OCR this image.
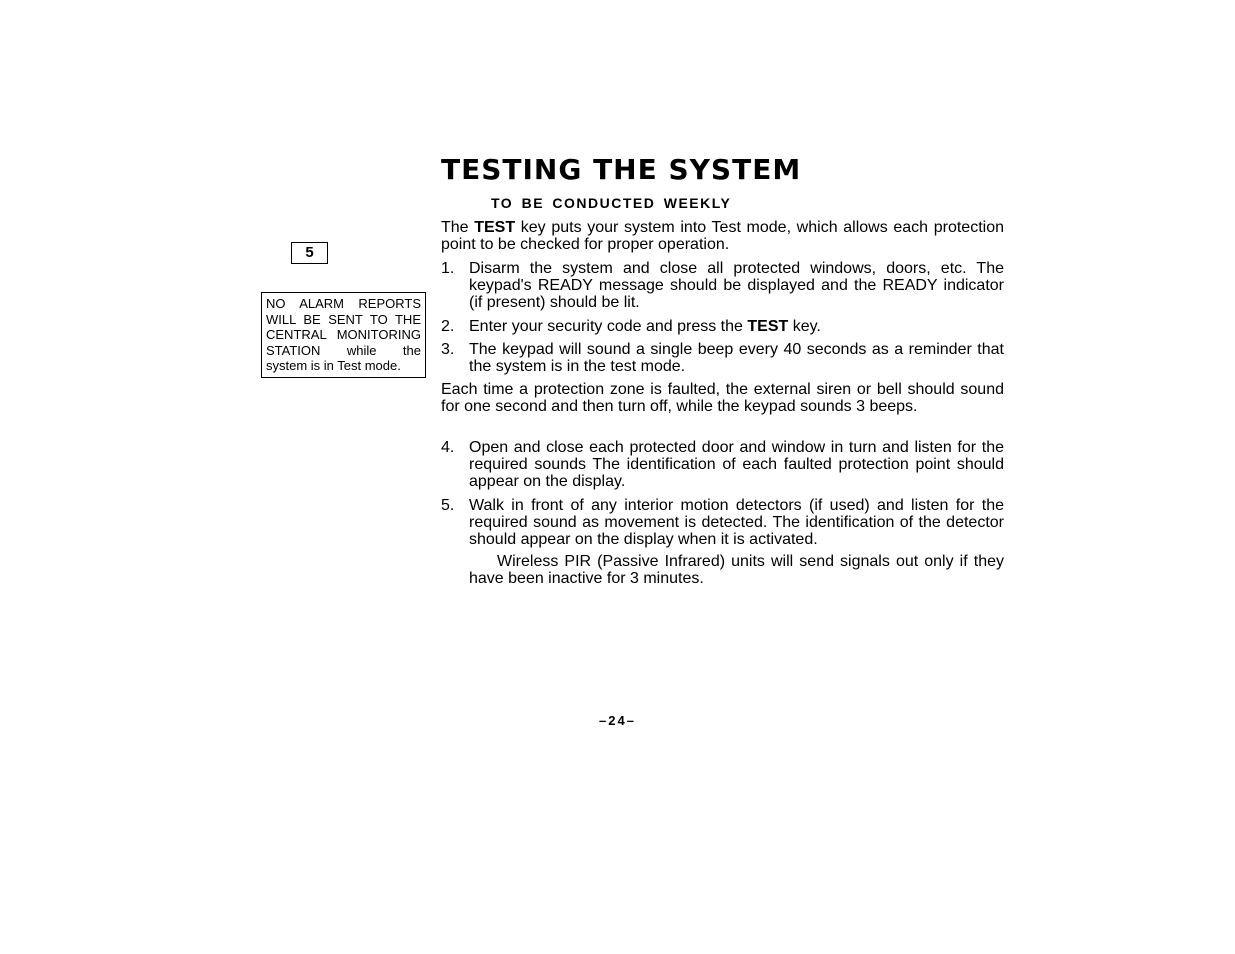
TESTING THE SYSTEM
TO BE CONDUCTED WEEKLY
5
NO ALARM REPORTS
WILL BE SENT TO THE
CENTRAL MONITORING
STATION while the
system is in Test mode.
The TEST key puts your system into Test mode, which allows each protection point to be checked for proper operation.
1. Disarm the system and close all protected windows, doors, etc. The keypad's READY message should be displayed and the READY indicator (if present) should be lit.
2. Enter your security code and press the TEST key.
3. The keypad will sound a single beep every 40 seconds as a reminder that the system is in the test mode.
Each time a protection zone is faulted, the external siren or bell should sound for one second and then turn off, while the keypad sounds 3 beeps.
4. Open and close each protected door and window in turn and listen for the required sounds The identification of each faulted protection point should appear on the display.
5. Walk in front of any interior motion detectors (if used) and listen for the required sound as movement is detected. The identification of the detector should appear on the display when it is activated.
Wireless PIR (Passive Infrared) units will send signals out only if they have been inactive for 3 minutes.
–24–
